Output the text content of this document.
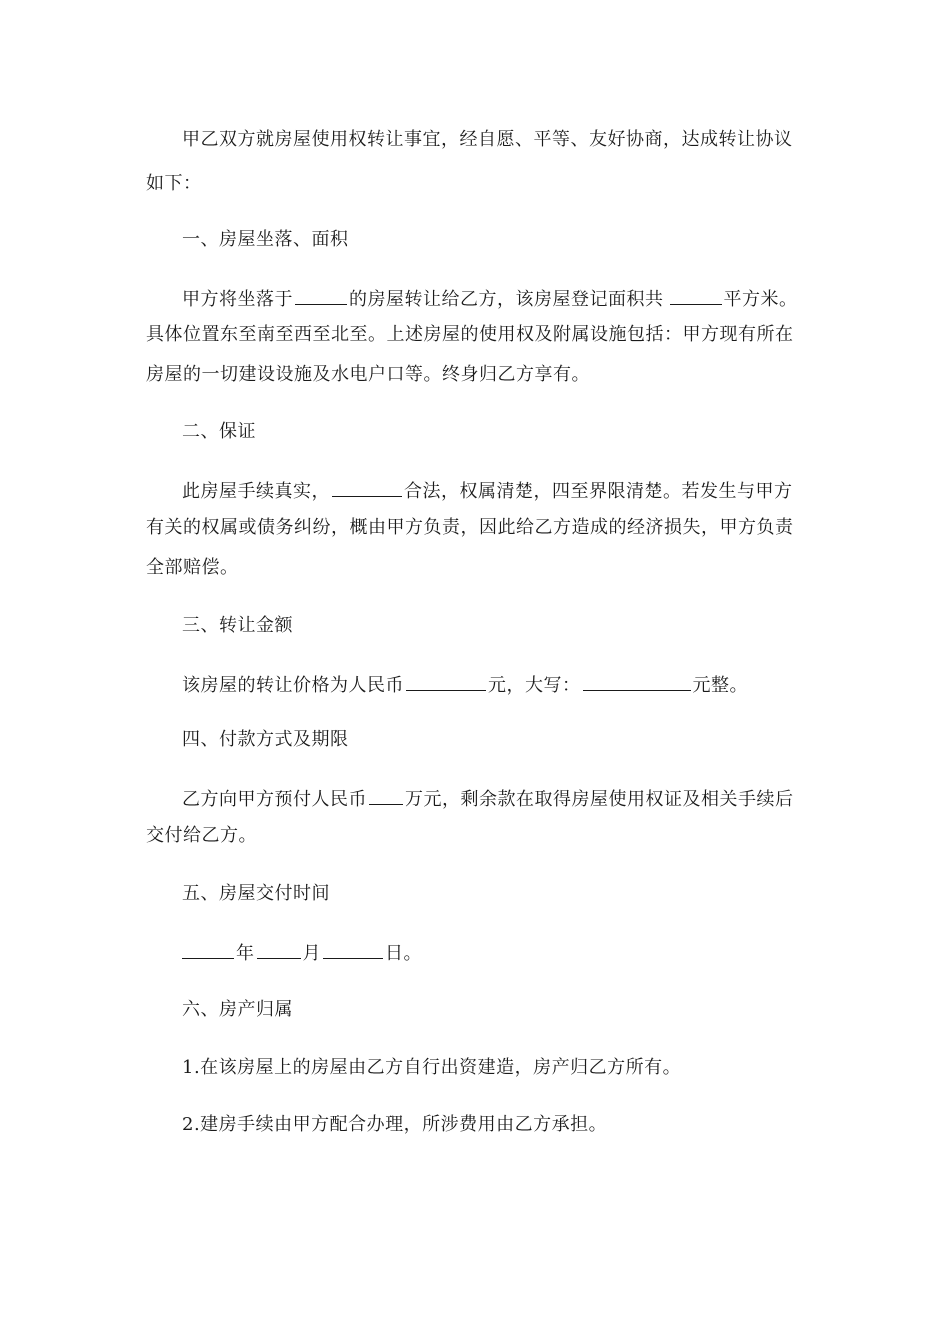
甲乙双方就房屋使用权转让事宜，经自愿、平等、友好协商，达成转让协议
如下：
一、房屋坐落、面积
甲方将坐落于	的房屋转让给乙方，该房屋登记面积共	平方米。
具体位置东至南至西至北至。上述房屋的使用权及附属设施包括：甲方现有所在
房屋的一切建设设施及水电户口等。终身归乙方享有。
二、保证
此房屋手续真实，	合法，权属清楚，四至界限清楚。若发生与甲方
有关的权属或债务纠纷，概由甲方负责，因此给乙方造成的经济损失，甲方负责
全部赔偿。
三、转让金额
该房屋的转让价格为人民币	元，大写：	元整。
四、付款方式及期限
乙方向甲方预付人民币 万元，剩余款在取得房屋使用权证及相关手续后
交付给乙方。
五、房屋交付时间
年	月	日。
六、房产归属
1.在该房屋上的房屋由乙方自行出资建造，房产归乙方所有。
2.建房手续由甲方配合办理，所涉费用由乙方承担。
